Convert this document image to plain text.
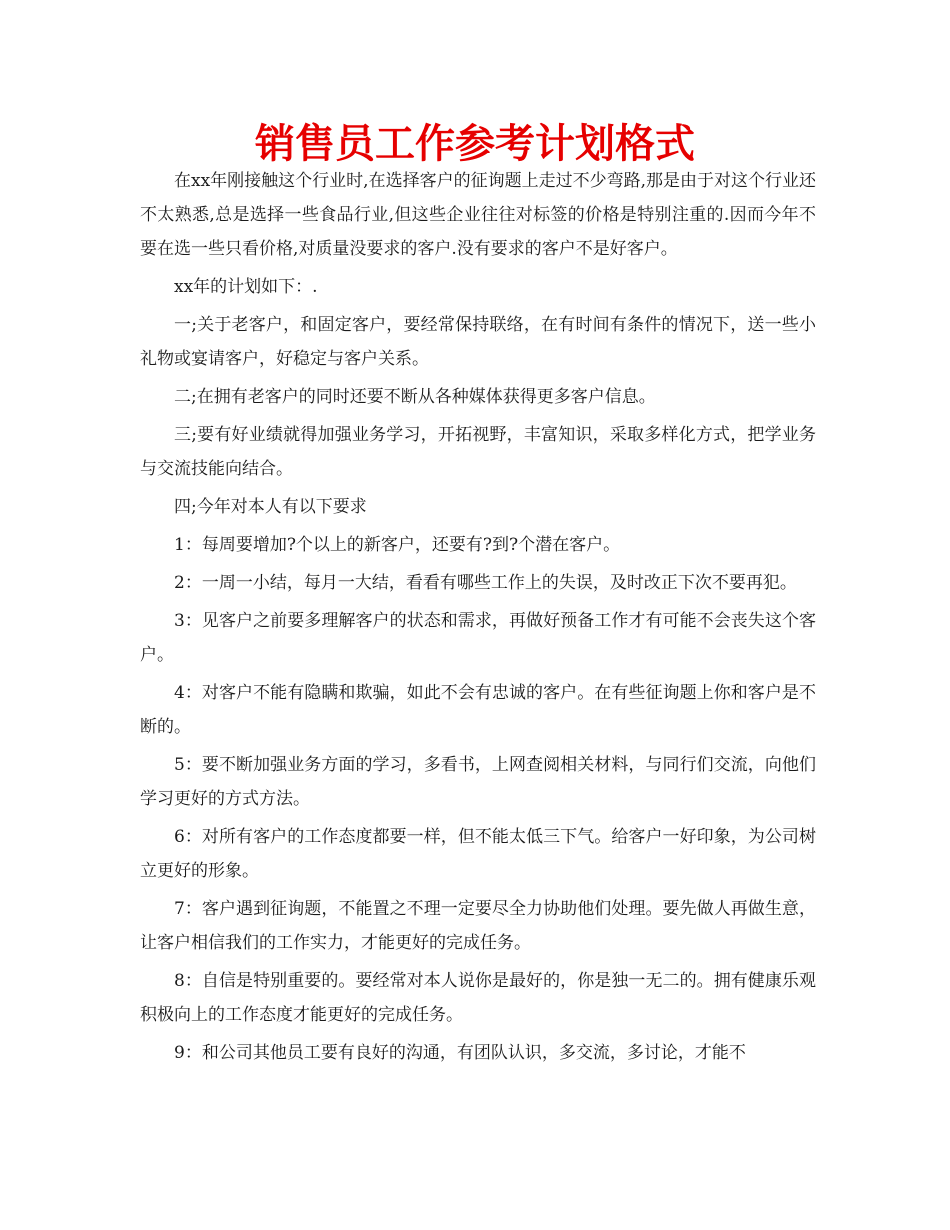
销售员工作参考计划格式

在xx年刚接触这个行业时,在选择客户的征询题上走过不少弯路,那是由于对这个行业还不太熟悉,总是选择一些食品行业,但这些企业往往对标签的价格是特别注重的.因而今年不要在选一些只看价格,对质量没要求的客户.没有要求的客户不是好客户。

xx年的计划如下：.

一;关于老客户，和固定客户，要经常保持联络，在有时间有条件的情况下，送一些小礼物或宴请客户，好稳定与客户关系。

二;在拥有老客户的同时还要不断从各种媒体获得更多客户信息。

三;要有好业绩就得加强业务学习，开拓视野，丰富知识，采取多样化方式，把学业务与交流技能向结合。

四;今年对本人有以下要求

1：每周要增加?个以上的新客户，还要有?到?个潜在客户。

2：一周一小结，每月一大结，看看有哪些工作上的失误，及时改正下次不要再犯。

3：见客户之前要多理解客户的状态和需求，再做好预备工作才有可能不会丧失这个客户。

4：对客户不能有隐瞒和欺骗，如此不会有忠诚的客户。在有些征询题上你和客户是不断的。

5：要不断加强业务方面的学习，多看书，上网查阅相关材料，与同行们交流，向他们学习更好的方式方法。

6：对所有客户的工作态度都要一样，但不能太低三下气。给客户一好印象，为公司树立更好的形象。

7：客户遇到征询题，不能置之不理一定要尽全力协助他们处理。要先做人再做生意，让客户相信我们的工作实力，才能更好的完成任务。

8：自信是特别重要的。要经常对本人说你是最好的，你是独一无二的。拥有健康乐观积极向上的工作态度才能更好的完成任务。

9：和公司其他员工要有良好的沟通，有团队认识，多交流，多讨论，才能不
